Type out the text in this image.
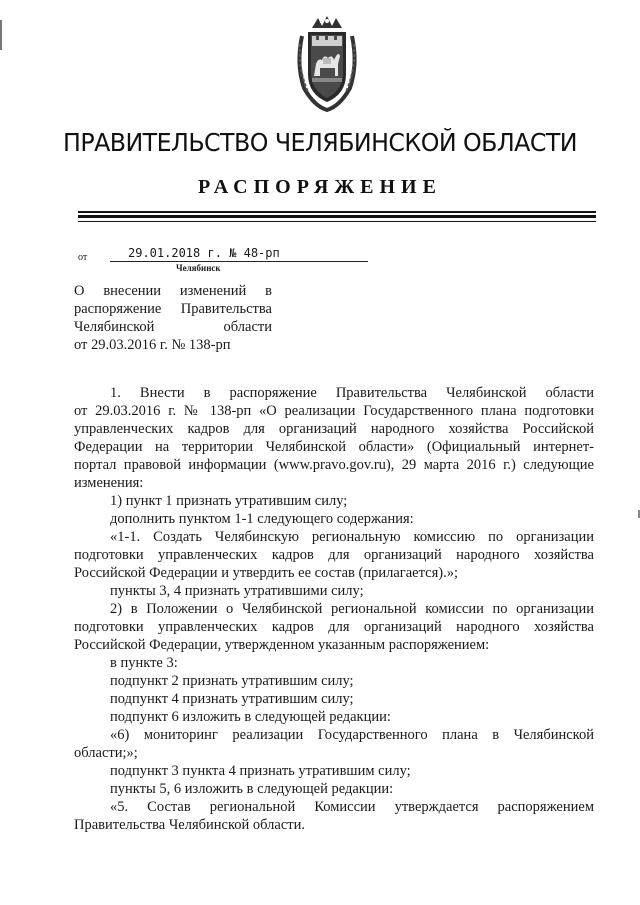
ПРАВИТЕЛЬСТВО ЧЕЛЯБИНСКОЙ ОБЛАСТИ
РАСПОРЯЖЕНИЕ
от	29.01.2018 г. № 48-рп
Челябинск
О внесении изменений в
распоряжение Правительства
Челябинской области
от 29.03.2016 г. № 138-рп

1. Внести в распоряжение Правительства Челябинской области

от 29.03.2016 г. № 138-рп «О реализации Государственного плана подготовки

управленческих кадров для организаций народного хозяйства Российской

Федерации на территории Челябинской области» (Официальный интернет-

портал правовой информации (www.pravo.gov.ru), 29 марта 2016 г.) следующие

изменения:

1) пункт 1 признать утратившим силу;

дополнить пунктом 1-1 следующего содержания:

«1-1. Создать Челябинскую региональную комиссию по организации

подготовки управленческих кадров для организаций народного хозяйства

Российской Федерации и утвердить ее состав (прилагается).»;

пункты 3, 4 признать утратившими силу;

2) в Положении о Челябинской региональной комиссии по организации

подготовки управленческих кадров для организаций народного хозяйства

Российской Федерации, утвержденном указанным распоряжением:

в пункте 3:

подпункт 2 признать утратившим силу;

подпункт 4 признать утратившим силу;

подпункт 6 изложить в следующей редакции:

«6) мониторинг реализации Государственного плана в Челябинской

области;»;

подпункт 3 пункта 4 признать утратившим силу;

пункты 5, 6 изложить в следующей редакции:

«5. Состав региональной Комиссии утверждается распоряжением

Правительства Челябинской области.
